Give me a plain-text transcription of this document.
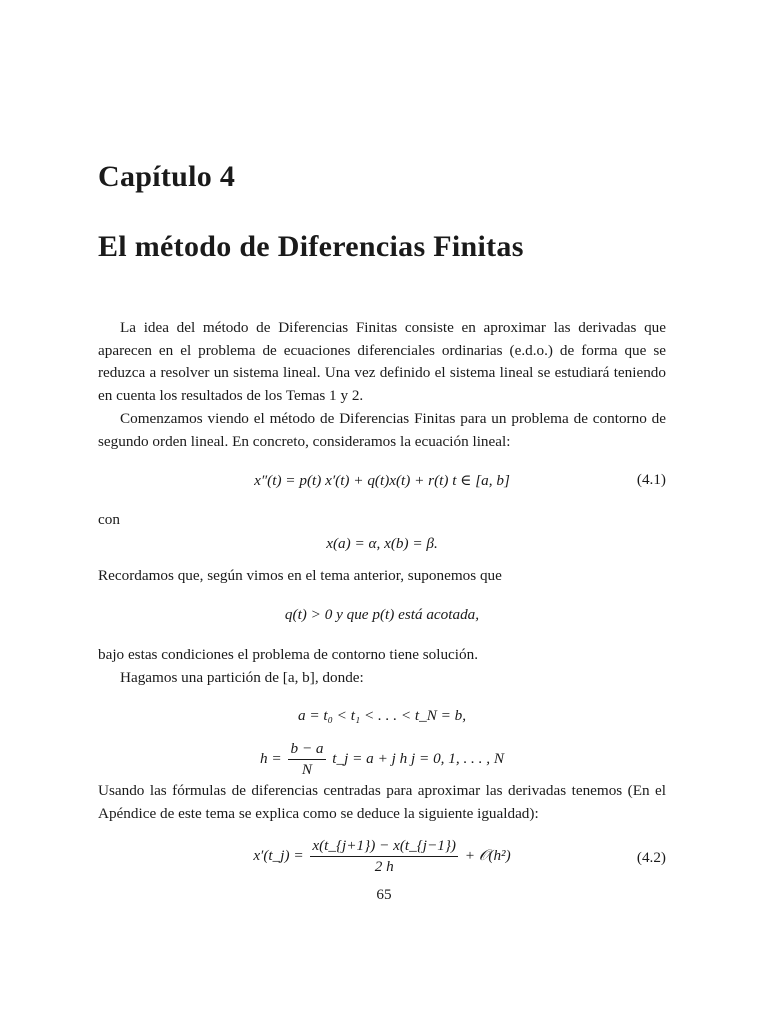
Capítulo 4
El método de Diferencias Finitas
La idea del método de Diferencias Finitas consiste en aproximar las derivadas que aparecen en el problema de ecuaciones diferenciales ordinarias (e.d.o.) de forma que se reduzca a resolver un sistema lineal. Una vez definido el sistema lineal se estudiará teniendo en cuenta los resultados de los Temas 1 y 2.
Comenzamos viendo el método de Diferencias Finitas para un problema de contorno de segundo orden lineal. En concreto, consideramos la ecuación lineal:
x″(t) = p(t) x′(t) + q(t)x(t) + r(t) t ∈ [a, b]	(4.1)
con
x(a) = α, x(b) = β.
Recordamos que, según vimos en el tema anterior, suponemos que
q(t) > 0 y que p(t) está acotada,
bajo estas condiciones el problema de contorno tiene solución.
Hagamos una partición de [a, b], donde:
a = t₀ < t₁ < . . . < t_N = b,
$h = \frac{b - a}{N}$ t_j = a + j h j = 0, 1, . . . , N
Usando las fórmulas de diferencias centradas para aproximar las derivadas tenemos (En el Apéndice de este tema se explica como se deduce la siguiente igualdad):
x′(t_j) = $\frac{x(t\_\{j+1\}) - x(t\_\{j-1\})}{2 h}$ + 𝒪(h²)	(4.2)
65
